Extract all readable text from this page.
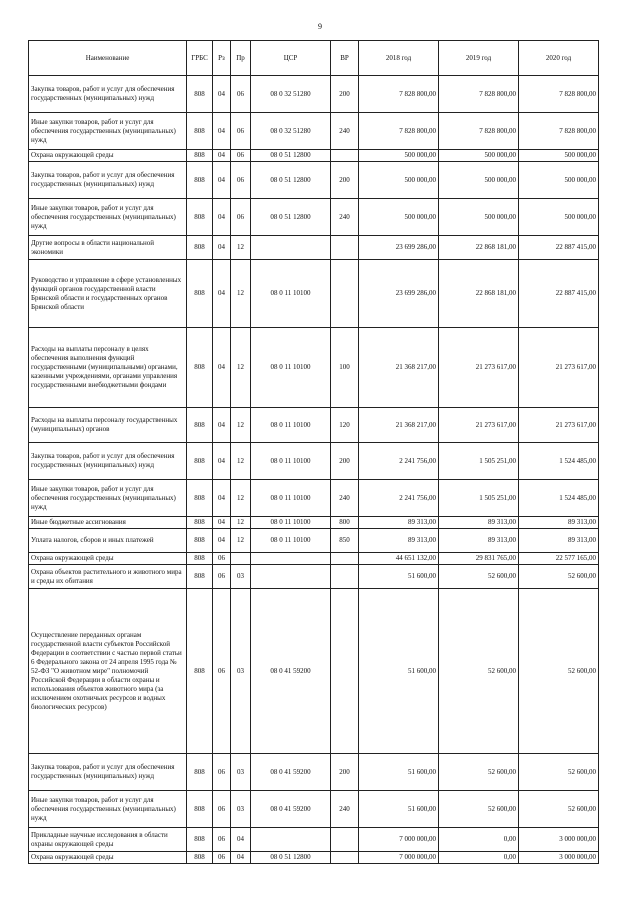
9
Наименование	ГРБС	Рз	Пр	ЦСР	ВР	2018 год	2019 год	2020 год
Закупка товаров, работ и услуг для обеспечения государственных (муниципальных) нужд	808	04	06	08 0 32 51280	200	7 828 800,00	7 828 800,00	7 828 800,00
Иные закупки товаров, работ и услуг для обеспечения государственных (муниципальных) нужд	808	04	06	08 0 32 51280	240	7 828 800,00	7 828 800,00	7 828 800,00
Охрана окружающей среды	808	04	06	08 0 51 12800		500 000,00	500 000,00	500 000,00
Закупка товаров, работ и услуг для обеспечения государственных (муниципальных) нужд	808	04	06	08 0 51 12800	200	500 000,00	500 000,00	500 000,00
Иные закупки товаров, работ и услуг для обеспечения государственных (муниципальных) нужд	808	04	06	08 0 51 12800	240	500 000,00	500 000,00	500 000,00
Другие вопросы в области национальной экономики	808	04	12			23 699 286,00	22 868 181,00	22 887 415,00
Руководство и управление в сфере установленных функций органов государственной власти Брянской области и государственных органов Брянской области	808	04	12	08 0 11 10100		23 699 286,00	22 868 181,00	22 887 415,00
Расходы на выплаты персоналу в целях обеспечения выполнения функций государственными (муниципальными) органами, казенными учреждениями, органами управления государственными внебюджетными фондами	808	04	12	08 0 11 10100	100	21 368 217,00	21 273 617,00	21 273 617,00
Расходы на выплаты персоналу государственных (муниципальных) органов	808	04	12	08 0 11 10100	120	21 368 217,00	21 273 617,00	21 273 617,00
Закупка товаров, работ и услуг для обеспечения государственных (муниципальных) нужд	808	04	12	08 0 11 10100	200	2 241 756,00	1 505 251,00	1 524 485,00
Иные закупки товаров, работ и услуг для обеспечения государственных (муниципальных) нужд	808	04	12	08 0 11 10100	240	2 241 756,00	1 505 251,00	1 524 485,00
Иные бюджетные ассигнования	808	04	12	08 0 11 10100	800	89 313,00	89 313,00	89 313,00
Уплата налогов, сборов и иных платежей	808	04	12	08 0 11 10100	850	89 313,00	89 313,00	89 313,00
Охрана окружающей среды	808	06				44 651 132,00	29 831 765,00	22 577 165,00
Охрана объектов растительного и животного мира и среды их обитания	808	06	03			51 600,00	52 600,00	52 600,00
Осуществление переданных органам государственной власти субъектов Российской Федерации в соответствии с частью первой статьи 6 Федерального закона от 24 апреля 1995 года № 52-ФЗ "О животном мире" полномочий Российской Федерации в области охраны и использования объектов животного мира (за исключением охотничьих ресурсов и водных биологических ресурсов)	808	06	03	08 0 41 59200		51 600,00	52 600,00	52 600,00
Закупка товаров, работ и услуг для обеспечения государственных (муниципальных) нужд	808	06	03	08 0 41 59200	200	51 600,00	52 600,00	52 600,00
Иные закупки товаров, работ и услуг для обеспечения государственных (муниципальных) нужд	808	06	03	08 0 41 59200	240	51 600,00	52 600,00	52 600,00
Прикладные научные исследования в области охраны окружающей среды	808	06	04			7 000 000,00	0,00	3 000 000,00
Охрана окружающей среды	808	06	04	08 0 51 12800		7 000 000,00	0,00	3 000 000,00
